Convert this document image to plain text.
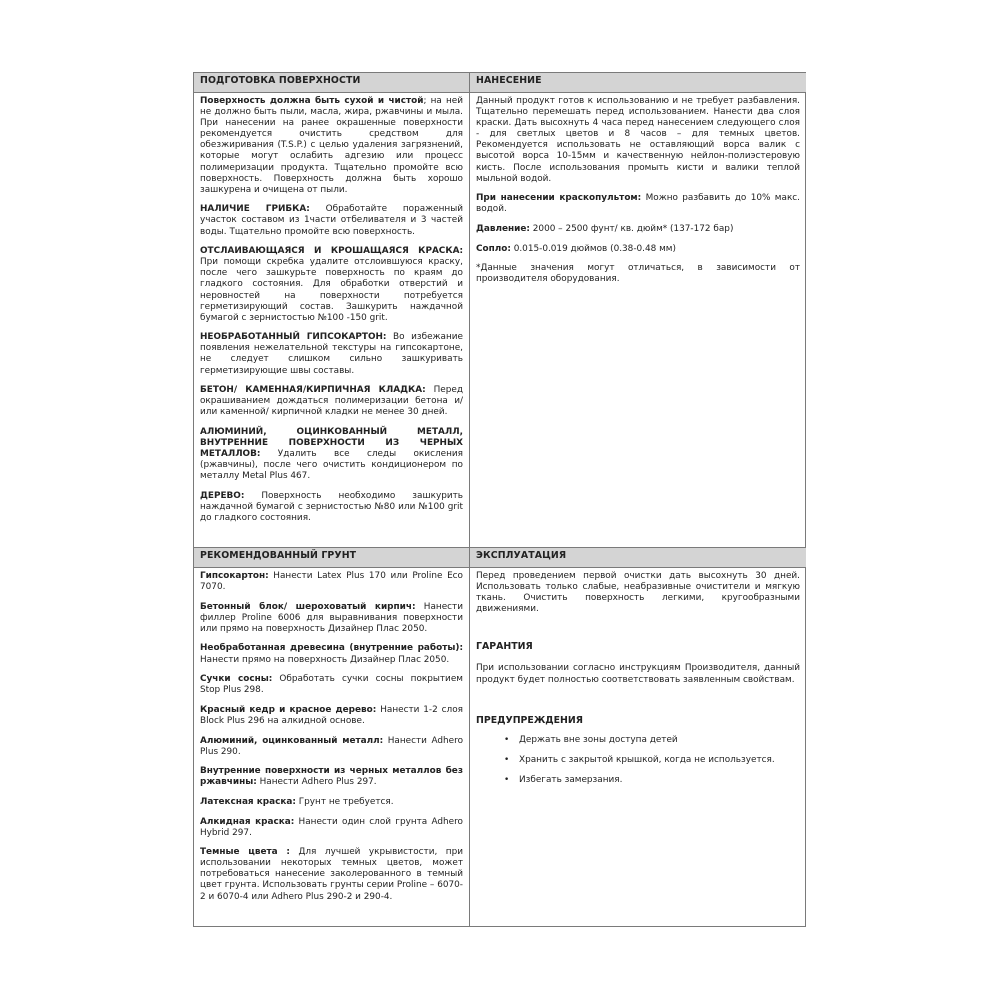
ПОДГОТОВКА ПОВЕРХНОСТИ

Поверхность должна быть сухой и чистой; на ней не должно быть пыли, масла, жира, ржавчины и мыла. При нанесении на ранее окрашенные поверхности рекомендуется очистить средством для обезжиривания (T.S.P.) с целью удаления загрязнений, которые могут ослабить адгезию или процесс полимеризации продукта. Тщательно промойте всю поверхность. Поверхность должна быть хорошо зашкурена и очищена от пыли.

НАЛИЧИЕ ГРИБКА: Обработайте пораженный участок составом из 1части отбеливателя и 3 частей воды. Тщательно промойте всю поверхность.

ОТСЛАИВАЮЩАЯСЯ И КРОШАЩАЯСЯ КРАСКА: При помощи скребка удалите отслоившуюся краску, после чего зашкурьте поверхность по краям до гладкого состояния. Для обработки отверстий и неровностей на поверхности потребуется герметизирующий состав. Зашкурить наждачной бумагой с зернистостью №100 -150 grit.

НЕОБРАБОТАННЫЙ ГИПСОКАРТОН: Во избежание появления нежелательной текстуры на гипсокартоне, не следует слишком сильно зашкуривать герметизирующие швы составы.

БЕТОН/ КАМЕННАЯ/КИРПИЧНАЯ КЛАДКА: Перед окрашиванием дождаться полимеризации бетона и/или каменной/ кирпичной кладки не менее 30 дней.

АЛЮМИНИЙ, ОЦИНКОВАННЫЙ МЕТАЛЛ, ВНУТРЕННИЕ ПОВЕРХНОСТИ ИЗ ЧЕРНЫХ МЕТАЛЛОВ: Удалить все следы окисления (ржавчины), после чего очистить кондиционером по металлу Metal Plus 467.

ДЕРЕВО: Поверхность необходимо зашкурить наждачной бумагой с зернистостью №80 или №100 grit до гладкого состояния.

НАНЕСЕНИЕ

Данный продукт готов к использованию и не требует разбавления. Тщательно перемешать перед использованием. Нанести два слоя краски. Дать высохнуть 4 часа перед нанесением следующего слоя - для светлых цветов и 8 часов – для темных цветов. Рекомендуется использовать не оставляющий ворса валик с высотой ворса 10-15мм и качественную нейлон-полиэстеровую кисть. После использования промыть кисти и валики теплой мыльной водой.

При нанесении краскопультом: Можно разбавить до 10% макс. водой.

Давление: 2000 – 2500 фунт/ кв. дюйм* (137-172 бар)

Сопло: 0.015-0.019 дюймов (0.38-0.48 мм)

*Данные значения могут отличаться, в зависимости от производителя оборудования.

РЕКОМЕНДОВАННЫЙ ГРУНТ

Гипсокартон: Нанести Latex Plus 170 или Proline Eco 7070.

Бетонный блок/ шероховатый кирпич: Нанести филлер Proline 6006 для выравнивания поверхности или прямо на поверхность Дизайнер Плас 2050.

Необработанная древесина (внутренние работы): Нанести прямо на поверхность Дизайнер Плас 2050.

Сучки сосны: Обработать сучки сосны покрытием Stop Plus 298.

Красный кедр и красное дерево: Нанести 1-2 слоя Block Plus 296 на алкидной основе.

Алюминий, оцинкованный металл: Нанести Adhero Plus 290.

Внутренние поверхности из черных металлов без ржавчины: Нанести Adhero Plus 297.

Латексная краска: Грунт не требуется.

Алкидная краска: Нанести один слой грунта Adhero Hybrid 297.

Темные цвета : Для лучшей укрывистости, при использовании некоторых темных цветов, может потребоваться нанесение заколерованного в темный цвет грунта. Использовать грунты серии Proline – 6070-2 и 6070-4 или Adhero Plus 290-2 и 290-4.

ЭКСПЛУАТАЦИЯ

Перед проведением первой очистки дать высохнуть 30 дней. Использовать только слабые, неабразивные очистители и мягкую ткань. Очистить поверхность легкими, кругообразными движениями.

ГАРАНТИЯ

При использовании согласно инструкциям Производителя, данный продукт будет полностью соответствовать заявленным свойствам.

ПРЕДУПРЕЖДЕНИЯ
• Держать вне зоны доступа детей
• Хранить с закрытой крышкой, когда не используется.
• Избегать замерзания.
